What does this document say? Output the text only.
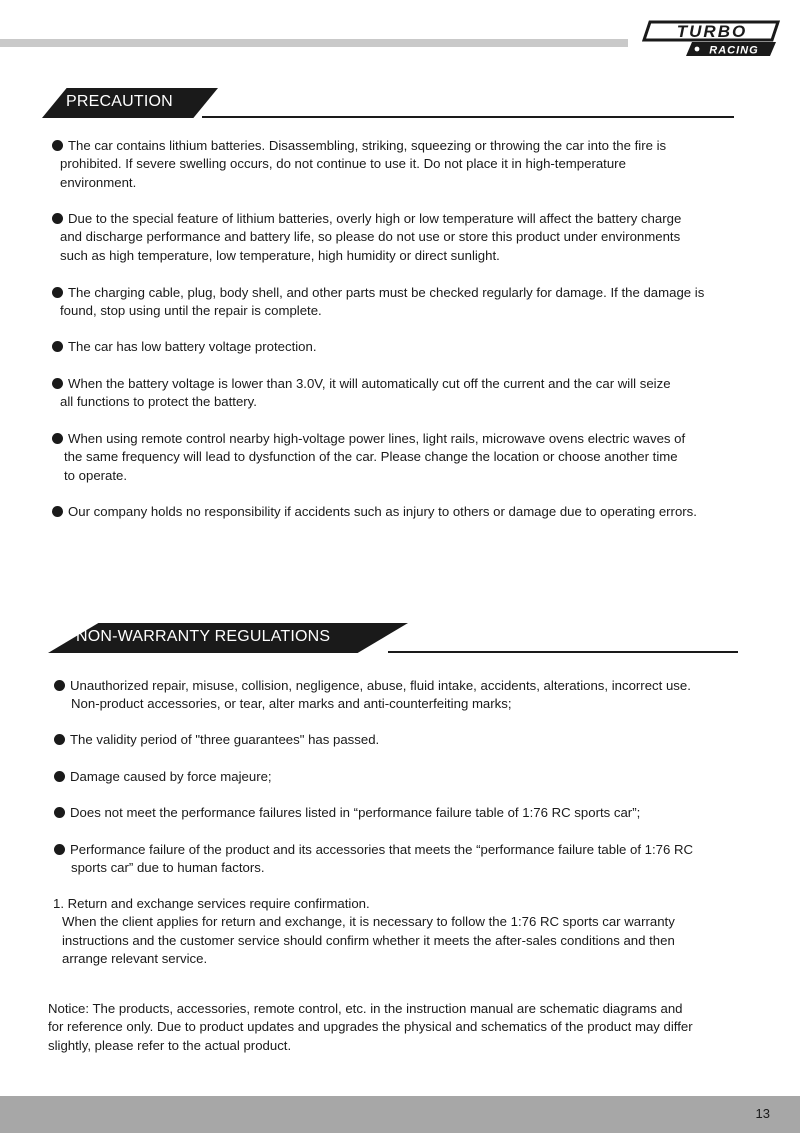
TURBO
RACING
PRECAUTION
The car contains lithium batteries. Disassembling, striking, squeezing or throwing the car into the fire is
prohibited. If severe swelling occurs, do not continue to use it. Do not place it in high-temperature
environment.
Due to the special feature of lithium batteries, overly high or low temperature will affect the battery charge
and discharge performance and battery life, so please do not use or store this product under environments
such as high temperature, low temperature, high humidity or direct sunlight.
The charging cable, plug, body shell, and other parts must be checked regularly for damage. If the damage is
found, stop using until the repair is complete.
The car has low battery voltage protection.
When the battery voltage is lower than 3.0V, it will automatically cut off the current and the car will seize
all functions to protect the battery.
When using remote control nearby high-voltage power lines, light rails, microwave ovens electric waves of
the same frequency will lead to dysfunction of the car. Please change the location or choose another time
to operate.
Our company holds no responsibility if accidents such as injury to others or damage due to operating errors.
NON-WARRANTY REGULATIONS
Unauthorized repair, misuse, collision, negligence, abuse, fluid intake, accidents, alterations, incorrect use.
Non-product accessories, or tear, alter marks and anti-counterfeiting marks;
The validity period of "three guarantees" has passed.
Damage caused by force majeure;
Does not meet the performance failures listed in “performance failure table of 1:76 RC sports car”;
Performance failure of the product and its accessories that meets the “performance failure table of 1:76 RC
sports car” due to human factors.
1. Return and exchange services require confirmation.
When the client applies for return and exchange, it is necessary to follow the 1:76 RC sports car warranty
instructions and the customer service should confirm whether it meets the after-sales conditions and then
arrange relevant service.
Notice: The products, accessories, remote control, etc. in the instruction manual are schematic diagrams and
for reference only. Due to product updates and upgrades the physical and schematics of the product may differ
slightly, please refer to the actual product.
13
